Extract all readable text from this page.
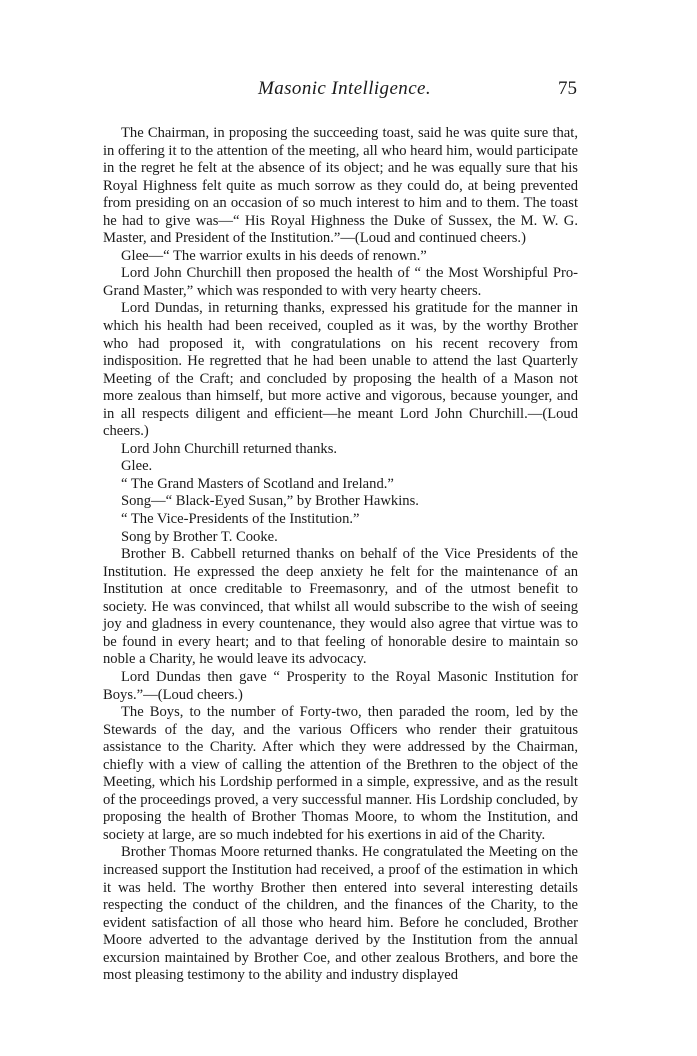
Masonic Intelligence.	75

The Chairman, in proposing the succeeding toast, said he was quite sure that, in offering it to the attention of the meeting, all who heard him, would participate in the regret he felt at the absence of its object; and he was equally sure that his Royal Highness felt quite as much sorrow as they could do, at being prevented from presiding on an occasion of so much interest to him and to them. The toast he had to give was—“ His Royal Highness the Duke of Sussex, the M. W. G. Master, and President of the Institution.”—(Loud and continued cheers.)

Glee—“ The warrior exults in his deeds of renown.”

Lord John Churchill then proposed the health of “ the Most Worshipful Pro-Grand Master,” which was responded to with very hearty cheers.

Lord Dundas, in returning thanks, expressed his gratitude for the manner in which his health had been received, coupled as it was, by the worthy Brother who had proposed it, with congratulations on his recent recovery from indisposition. He regretted that he had been unable to attend the last Quarterly Meeting of the Craft; and concluded by proposing the health of a Mason not more zealous than himself, but more active and vigorous, because younger, and in all respects diligent and efficient—he meant Lord John Churchill.—(Loud cheers.)

Lord John Churchill returned thanks.

Glee.

“ The Grand Masters of Scotland and Ireland.”

Song—“ Black-Eyed Susan,” by Brother Hawkins.

“ The Vice-Presidents of the Institution.”

Song by Brother T. Cooke.

Brother B. Cabbell returned thanks on behalf of the Vice Presidents of the Institution. He expressed the deep anxiety he felt for the maintenance of an Institution at once creditable to Freemasonry, and of the utmost benefit to society. He was convinced, that whilst all would subscribe to the wish of seeing joy and gladness in every countenance, they would also agree that virtue was to be found in every heart; and to that feeling of honorable desire to maintain so noble a Charity, he would leave its advocacy.

Lord Dundas then gave “ Prosperity to the Royal Masonic Institution for Boys.”—(Loud cheers.)

The Boys, to the number of Forty-two, then paraded the room, led by the Stewards of the day, and the various Officers who render their gratuitous assistance to the Charity. After which they were addressed by the Chairman, chiefly with a view of calling the attention of the Brethren to the object of the Meeting, which his Lordship performed in a simple, expressive, and as the result of the proceedings proved, a very successful manner. His Lordship concluded, by proposing the health of Brother Thomas Moore, to whom the Institution, and society at large, are so much indebted for his exertions in aid of the Charity.

Brother Thomas Moore returned thanks. He congratulated the Meeting on the increased support the Institution had received, a proof of the estimation in which it was held. The worthy Brother then entered into several interesting details respecting the conduct of the children, and the finances of the Charity, to the evident satisfaction of all those who heard him. Before he concluded, Brother Moore adverted to the advantage derived by the Institution from the annual excursion maintained by Brother Coe, and other zealous Brothers, and bore the most pleasing testimony to the ability and industry displayed
